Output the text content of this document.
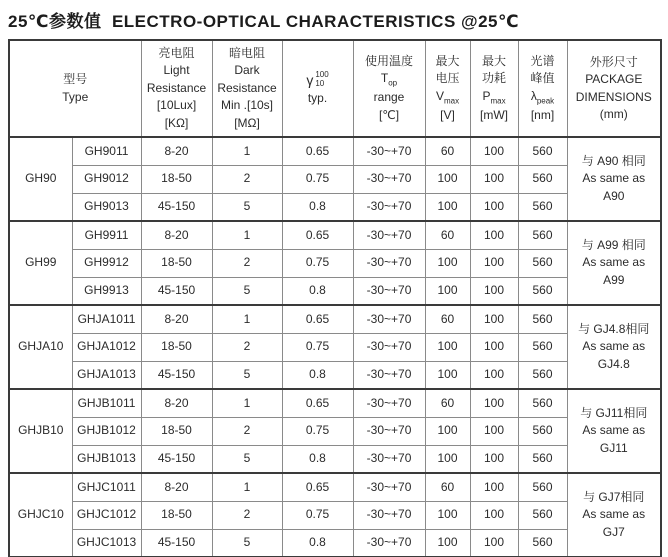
25℃参数值  ELECTRO-OPTICAL CHARACTERISTICS @25℃
型号
Type		亮电阻
Light
Resistance
[10Lux]
[KΩ]	暗电阻
Dark
Resistance
Min .[10s]
[MΩ]	γ 100
10
typ.	使用温度
$T_{op}$
range
[℃]	最大
电压
$V_{max}$
[V]	最大
功耗
$P_{max}$
[mW]	光谱
峰值
$\lambda_{peak}$
[nm]	外形尺寸
PACKAGE
DIMENSIONS
(mm)

GH90	GH9011	8-20	1	0.65	-30~+70	60	100	560	与 A90 相同
As same as
A90

	GH9012	18-50	2	0.75	-30~+70	100	100	560	
	GH9013	45-150	5	0.8	-30~+70	100	100	560	
GH99	GH9911	8-20	1	0.65	-30~+70	60	100	560	与 A99 相同
As same as
A99

	GH9912	18-50	2	0.75	-30~+70	100	100	560	
	GH9913	45-150	5	0.8	-30~+70	100	100	560	
GHJA10	GHJA1011	8-20	1	0.65	-30~+70	60	100	560	与 GJ4.8相同
As same as
GJ4.8

	GHJA1012	18-50	2	0.75	-30~+70	100	100	560	
	GHJA1013	45-150	5	0.8	-30~+70	100	100	560	
GHJB10	GHJB1011	8-20	1	0.65	-30~+70	60	100	560	与 GJ11相同
As same as
GJ11

	GHJB1012	18-50	2	0.75	-30~+70	100	100	560	
	GHJB1013	45-150	5	0.8	-30~+70	100	100	560	
GHJC10	GHJC1011	8-20	1	0.65	-30~+70	60	100	560	与 GJ7相同
As same as
GJ7

	GHJC1012	18-50	2	0.75	-30~+70	100	100	560	
	GHJC1013	45-150	5	0.8	-30~+70	100	100	560	
